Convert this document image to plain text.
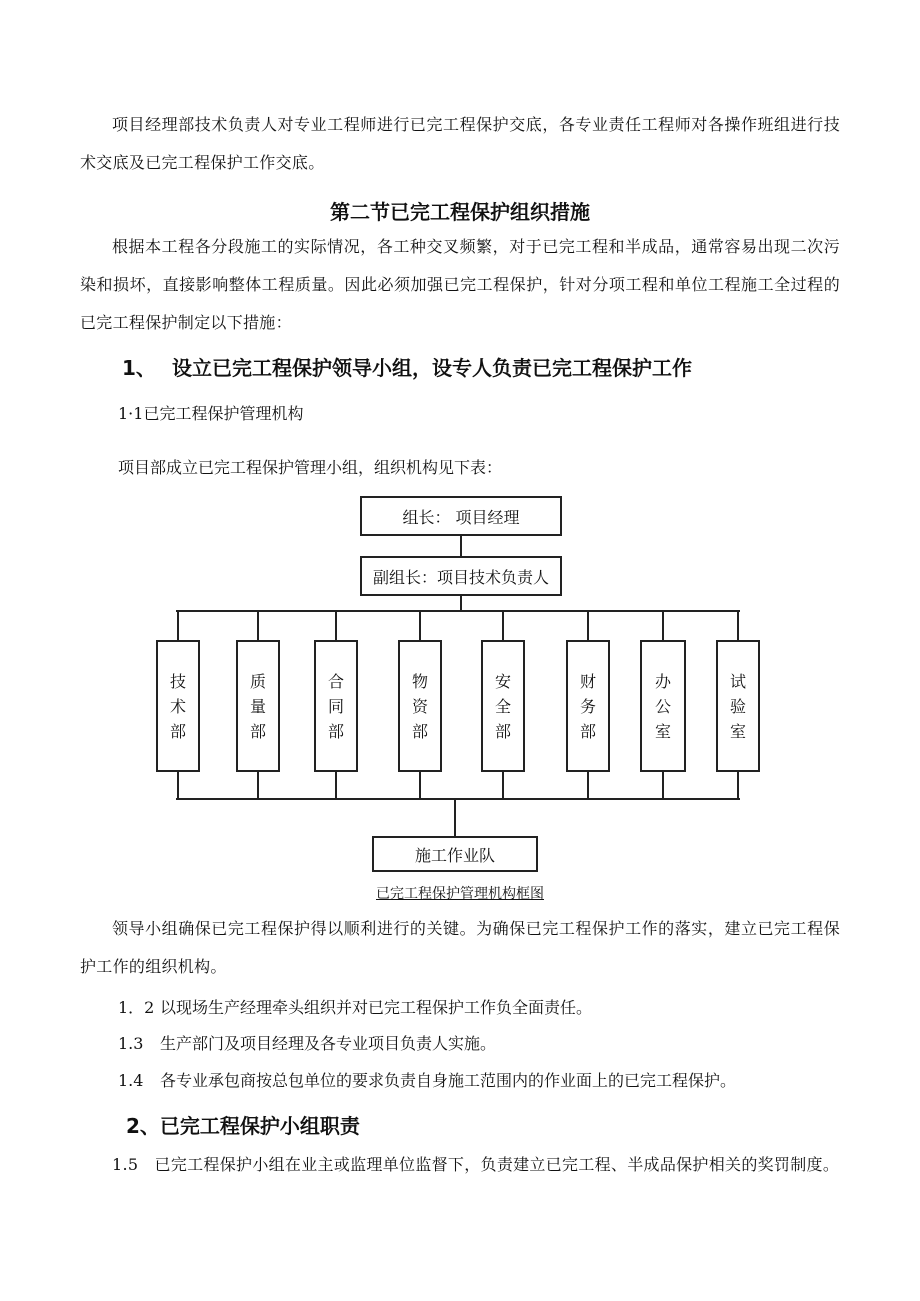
项目经理部技术负责人对专业工程师进行已完工程保护交底，各专业责任工程师对各操作班组进行技术交底及已完工程保护工作交底。

第二节已完工程保护组织措施

根据本工程各分段施工的实际情况，各工种交叉频繁，对于已完工程和半成品，通常容易出现二次污染和损坏，直接影响整体工程质量。因此必须加强已完工程保护，针对分项工程和单位工程施工全过程的已完工程保护制定以下措施：

1、 设立已完工程保护领导小组，设专人负责已完工程保护工作

1·1已完工程保护管理机构

项目部成立已完工程保护管理小组，组织机构见下表：

组长： 项目经理
副组长：项目技术负责人
技
术
部
质
量
部
合
同
部
物
资
部
安
全
部
财
务
部
办
公
室
试
验
室
施工作业队

已完工程保护管理机构框图

领导小组确保已完工程保护得以顺利进行的关键。为确保已完工程保护工作的落实，建立已完工程保护工作的组织机构。

1．2 以现场生产经理牵头组织并对已完工程保护工作负全面责任。

1.3 生产部门及项目经理及各专业项目负责人实施。

1.4 各专业承包商按总包单位的要求负责自身施工范围内的作业面上的已完工程保护。

2、已完工程保护小组职责

1.5 已完工程保护小组在业主或监理单位监督下，负责建立已完工程、半成品保护相关的奖罚制度。
